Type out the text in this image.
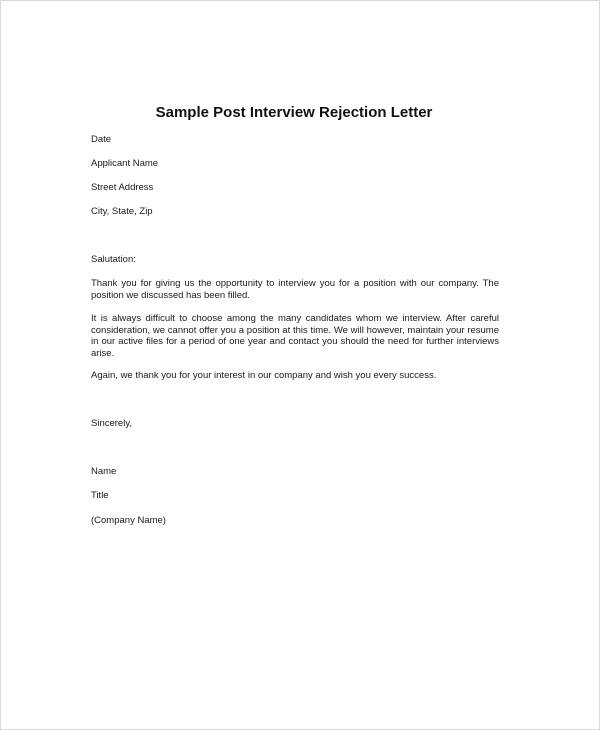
Sample Post Interview Rejection Letter
Date
Applicant Name
Street Address
City, State, Zip
Salutation:
Thank you for giving us the opportunity to interview you for a position with our company. The position we discussed has been filled.
It is always difficult to choose among the many candidates whom we interview. After careful consideration, we cannot offer you a position at this time. We will however, maintain your resume in our active files for a period of one year and contact you should the need for further interviews arise.
Again, we thank you for your interest in our company and wish you every success.
Sincerely,
Name
Title
(Company Name)
